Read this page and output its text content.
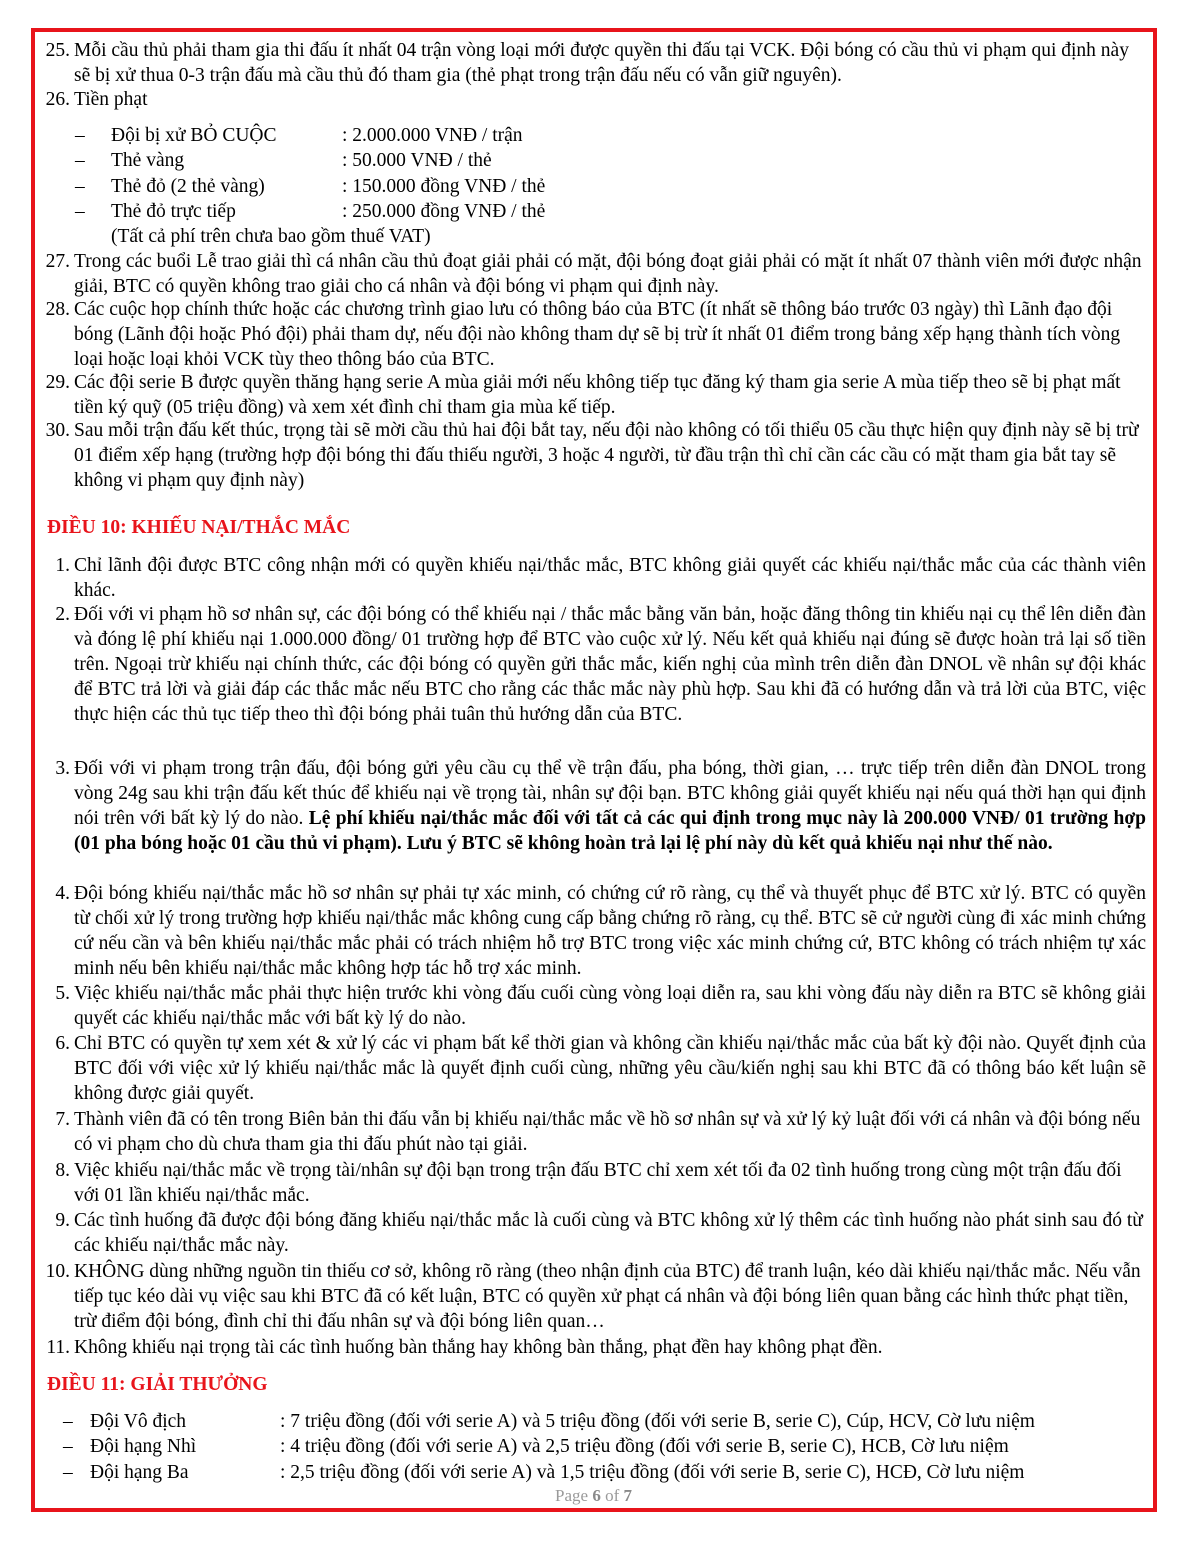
25. Mỗi cầu thủ phải tham gia thi đấu ít nhất 04 trận vòng loại mới được quyền thi đấu tại VCK. Đội bóng có cầu thủ vi phạm qui định này sẽ bị xử thua 0-3 trận đấu mà cầu thủ đó tham gia (thẻ phạt trong trận đấu nếu có vẫn giữ nguyên).
26. Tiền phạt
– Đội bị xử BỎ CUỘC	: 2.000.000 VNĐ / trận
– Thẻ vàng	: 50.000 VNĐ / thẻ
– Thẻ đỏ (2 thẻ vàng)	: 150.000 đồng VNĐ / thẻ
– Thẻ đỏ trực tiếp	: 250.000 đồng VNĐ / thẻ
(Tất cả phí trên chưa bao gồm thuế VAT)
27. Trong các buổi Lễ trao giải thì cá nhân cầu thủ đoạt giải phải có mặt, đội bóng đoạt giải phải có mặt ít nhất 07 thành viên mới được nhận giải, BTC có quyền không trao giải cho cá nhân và đội bóng vi phạm qui định này.
28. Các cuộc họp chính thức hoặc các chương trình giao lưu có thông báo của BTC (ít nhất sẽ thông báo trước 03 ngày) thì Lãnh đạo đội bóng (Lãnh đội hoặc Phó đội) phải tham dự, nếu đội nào không tham dự sẽ bị trừ ít nhất 01 điểm trong bảng xếp hạng thành tích vòng loại hoặc loại khỏi VCK tùy theo thông báo của BTC.
29. Các đội serie B được quyền thăng hạng serie A mùa giải mới nếu không tiếp tục đăng ký tham gia serie A mùa tiếp theo sẽ bị phạt mất tiền ký quỹ (05 triệu đồng) và xem xét đình chỉ tham gia mùa kế tiếp.
30. Sau mỗi trận đấu kết thúc, trọng tài sẽ mời cầu thủ hai đội bắt tay, nếu đội nào không có tối thiểu 05 cầu thực hiện quy định này sẽ bị trừ 01 điểm xếp hạng (trường hợp đội bóng thi đấu thiếu người, 3 hoặc 4 người, từ đầu trận thì chỉ cần các cầu có mặt tham gia bắt tay sẽ không vi phạm quy định này)
ĐIỀU 10: KHIẾU NẠI/THẮC MẮC
1. Chỉ lãnh đội được BTC công nhận mới có quyền khiếu nại/thắc mắc, BTC không giải quyết các khiếu nại/thắc mắc của các thành viên khác.
2. Đối với vi phạm hồ sơ nhân sự, các đội bóng có thể khiếu nại / thắc mắc bằng văn bản, hoặc đăng thông tin khiếu nại cụ thể lên diễn đàn và đóng lệ phí khiếu nại 1.000.000 đồng/ 01 trường hợp để BTC vào cuộc xử lý. Nếu kết quả khiếu nại đúng sẽ được hoàn trả lại số tiền trên. Ngoại trừ khiếu nại chính thức, các đội bóng có quyền gửi thắc mắc, kiến nghị của mình trên diễn đàn DNOL về nhân sự đội khác để BTC trả lời và giải đáp các thắc mắc nếu BTC cho rằng các thắc mắc này phù hợp. Sau khi đã có hướng dẫn và trả lời của BTC, việc thực hiện các thủ tục tiếp theo thì đội bóng phải tuân thủ hướng dẫn của BTC.
3. Đối với vi phạm trong trận đấu, đội bóng gửi yêu cầu cụ thể về trận đấu, pha bóng, thời gian, … trực tiếp trên diễn đàn DNOL trong vòng 24g sau khi trận đấu kết thúc để khiếu nại về trọng tài, nhân sự đội bạn. BTC không giải quyết khiếu nại nếu quá thời hạn qui định nói trên với bất kỳ lý do nào. Lệ phí khiếu nại/thắc mắc đối với tất cả các qui định trong mục này là 200.000 VNĐ/ 01 trường hợp (01 pha bóng hoặc 01 cầu thủ vi phạm). Lưu ý BTC sẽ không hoàn trả lại lệ phí này dù kết quả khiếu nại như thế nào.
4. Đội bóng khiếu nại/thắc mắc hồ sơ nhân sự phải tự xác minh, có chứng cứ rõ ràng, cụ thể và thuyết phục để BTC xử lý. BTC có quyền từ chối xử lý trong trường hợp khiếu nại/thắc mắc không cung cấp bằng chứng rõ ràng, cụ thể. BTC sẽ cử người cùng đi xác minh chứng cứ nếu cần và bên khiếu nại/thắc mắc phải có trách nhiệm hỗ trợ BTC trong việc xác minh chứng cứ, BTC không có trách nhiệm tự xác minh nếu bên khiếu nại/thắc mắc không hợp tác hỗ trợ xác minh.
5. Việc khiếu nại/thắc mắc phải thực hiện trước khi vòng đấu cuối cùng vòng loại diễn ra, sau khi vòng đấu này diễn ra BTC sẽ không giải quyết các khiếu nại/thắc mắc với bất kỳ lý do nào.
6. Chỉ BTC có quyền tự xem xét & xử lý các vi phạm bất kể thời gian và không cần khiếu nại/thắc mắc của bất kỳ đội nào. Quyết định của BTC đối với việc xử lý khiếu nại/thắc mắc là quyết định cuối cùng, những yêu cầu/kiến nghị sau khi BTC đã có thông báo kết luận sẽ không được giải quyết.
7. Thành viên đã có tên trong Biên bản thi đấu vẫn bị khiếu nại/thắc mắc về hồ sơ nhân sự và xử lý kỷ luật đối với cá nhân và đội bóng nếu có vi phạm cho dù chưa tham gia thi đấu phút nào tại giải.
8. Việc khiếu nại/thắc mắc về trọng tài/nhân sự đội bạn trong trận đấu BTC chỉ xem xét tối đa 02 tình huống trong cùng một trận đấu đối với 01 lần khiếu nại/thắc mắc.
9. Các tình huống đã được đội bóng đăng khiếu nại/thắc mắc là cuối cùng và BTC không xử lý thêm các tình huống nào phát sinh sau đó từ các khiếu nại/thắc mắc này.
10. KHÔNG dùng những nguồn tin thiếu cơ sở, không rõ ràng (theo nhận định của BTC) để tranh luận, kéo dài khiếu nại/thắc mắc. Nếu vẫn tiếp tục kéo dài vụ việc sau khi BTC đã có kết luận, BTC có quyền xử phạt cá nhân và đội bóng liên quan bằng các hình thức phạt tiền, trừ điểm đội bóng, đình chỉ thi đấu nhân sự và đội bóng liên quan…
11. Không khiếu nại trọng tài các tình huống bàn thắng hay không bàn thắng, phạt đền hay không phạt đền.
ĐIỀU 11: GIẢI THƯỞNG
– Đội Vô địch	: 7 triệu đồng (đối với serie A) và 5 triệu đồng (đối với serie B, serie C), Cúp, HCV, Cờ lưu niệm
– Đội hạng Nhì	: 4 triệu đồng (đối với serie A) và 2,5 triệu đồng (đối với serie B, serie C), HCB, Cờ lưu niệm
– Đội hạng Ba	: 2,5 triệu đồng (đối với serie A) và 1,5 triệu đồng (đối với serie B, serie C), HCĐ, Cờ lưu niệm
Page 6 of 7
